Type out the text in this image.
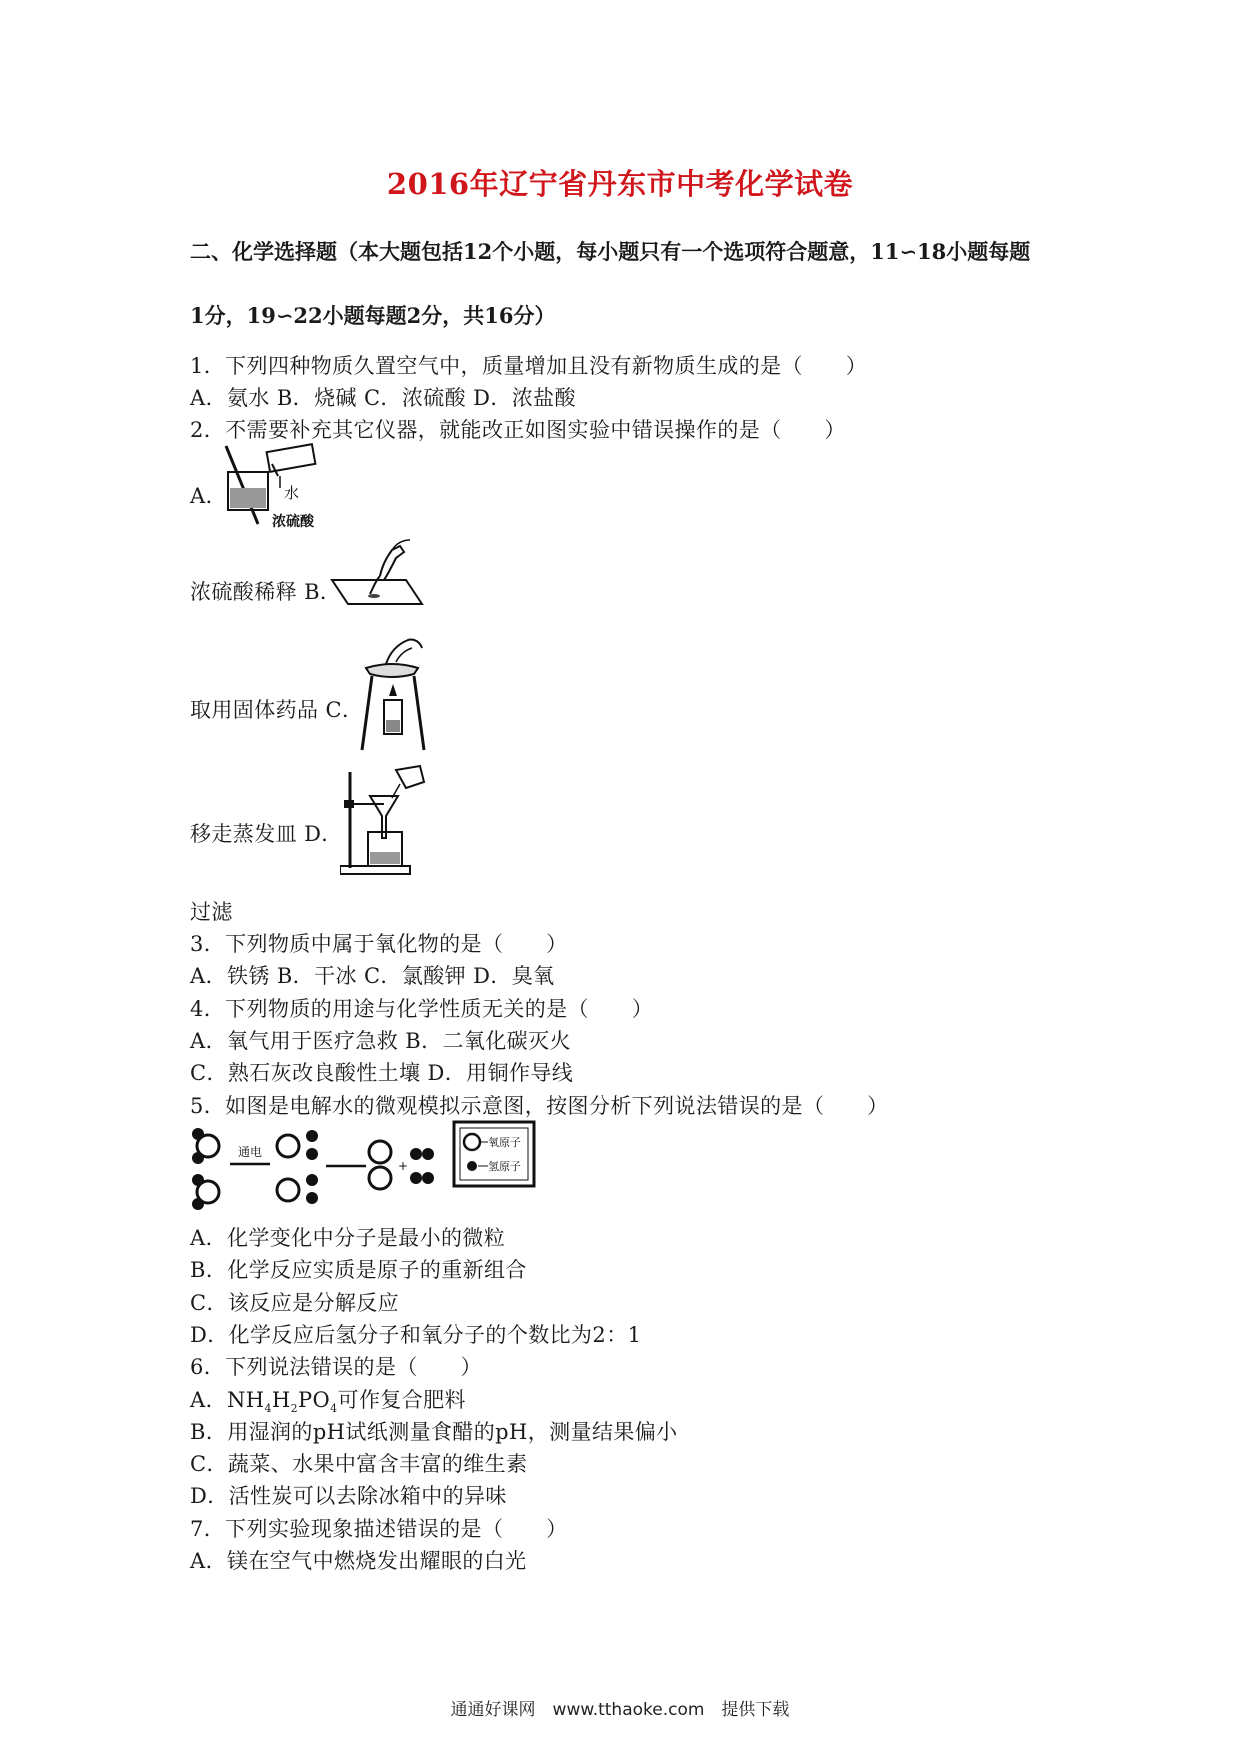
2016年辽宁省丹东市中考化学试卷
二、化学选择题（本大题包括12个小题，每小题只有一个选项符合题意，11∽18小题每题
1分，19∽22小题每题2分，共16分）
1．下列四种物质久置空气中，质量增加且没有新物质生成的是（　　）
A．氨水 B．烧碱 C．浓硫酸 D．浓盐酸
2．不需要补充其它仪器，就能改正如图实验中错误操作的是（　　）
A．	水
浓硫酸
浓硫酸稀释 B．
取用固体药品 C．
移走蒸发皿 D．
过滤
3．下列物质中属于氧化物的是（　　）
A．铁锈 B．干冰 C．氯酸钾 D．臭氧
4．下列物质的用途与化学性质无关的是（　　）
A．氧气用于医疗急救 B．二氧化碳灭火
C．熟石灰改良酸性土壤 D．用铜作导线
5．如图是电解水的微观模拟示意图，按图分析下列说法错误的是（　　）
通电
+
氧原子
氢原子
A．化学变化中分子是最小的微粒
B．化学反应实质是原子的重新组合
C．该反应是分解反应
D．化学反应后氢分子和氧分子的个数比为2：1
6．下列说法错误的是（　　）
A．$NH_4H_2PO_4$可作复合肥料
B．用湿润的pH试纸测量食醋的pH，测量结果偏小
C．蔬菜、水果中富含丰富的维生素
D．活性炭可以去除冰箱中的异味
7．下列实验现象描述错误的是（　　）
A．镁在空气中燃烧发出耀眼的白光
通通好课网　www.tthaoke.com　提供下载
